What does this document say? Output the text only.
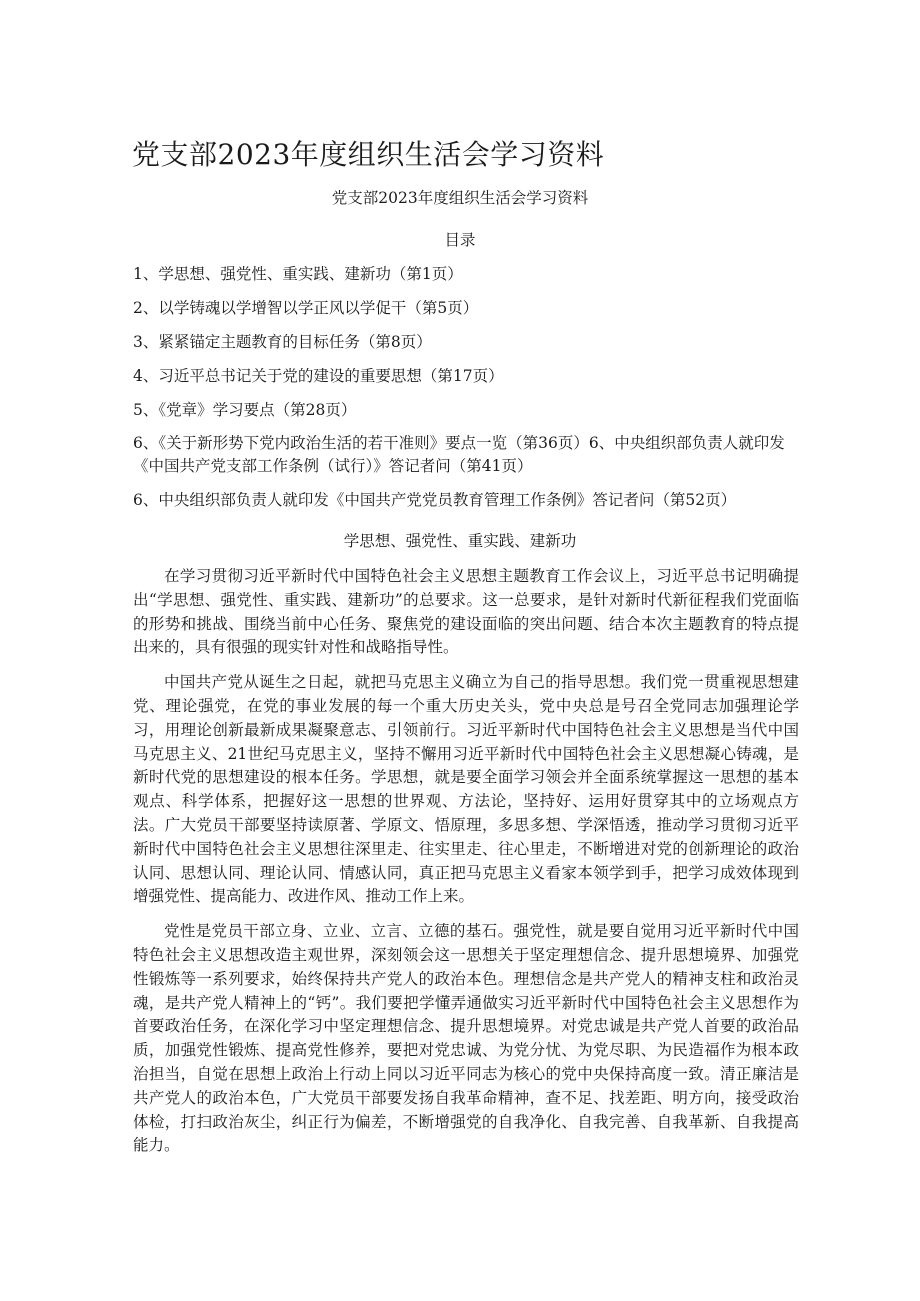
党支部2023年度组织生活会学习资料
党支部2023年度组织生活会学习资料
目录
1、学思想、强党性、重实践、建新功（第1页）
2、以学铸魂以学增智以学正风以学促干（第5页）
3、紧紧锚定主题教育的目标任务（第8页）
4、习近平总书记关于党的建设的重要思想（第17页）
5、《党章》学习要点（第28页）
6、《关于新形势下党内政治生活的若干准则》要点一览（第36页）6、中央组织部负责人就印发《中国共产党支部工作条例（试行）》答记者问（第41页）
6、中央组织部负责人就印发《中国共产党党员教育管理工作条例》答记者问（第52页）
学思想、强党性、重实践、建新功

在学习贯彻习近平新时代中国特色社会主义思想主题教育工作会议上，习近平总书记明确提出“学思想、强党性、重实践、建新功”的总要求。这一总要求，是针对新时代新征程我们党面临的形势和挑战、围绕当前中心任务、聚焦党的建设面临的突出问题、结合本次主题教育的特点提出来的，具有很强的现实针对性和战略指导性。

中国共产党从诞生之日起，就把马克思主义确立为自己的指导思想。我们党一贯重视思想建党、理论强党，在党的事业发展的每一个重大历史关头，党中央总是号召全党同志加强理论学习，用理论创新最新成果凝聚意志、引领前行。习近平新时代中国特色社会主义思想是当代中国马克思主义、21世纪马克思主义，坚持不懈用习近平新时代中国特色社会主义思想凝心铸魂，是新时代党的思想建设的根本任务。学思想，就是要全面学习领会并全面系统掌握这一思想的基本观点、科学体系，把握好这一思想的世界观、方法论，坚持好、运用好贯穿其中的立场观点方法。广大党员干部要坚持读原著、学原文、悟原理，多思多想、学深悟透，推动学习贯彻习近平新时代中国特色社会主义思想往深里走、往实里走、往心里走，不断增进对党的创新理论的政治认同、思想认同、理论认同、情感认同，真正把马克思主义看家本领学到手，把学习成效体现到增强党性、提高能力、改进作风、推动工作上来。

党性是党员干部立身、立业、立言、立德的基石。强党性，就是要自觉用习近平新时代中国特色社会主义思想改造主观世界，深刻领会这一思想关于坚定理想信念、提升思想境界、加强党性锻炼等一系列要求，始终保持共产党人的政治本色。理想信念是共产党人的精神支柱和政治灵魂，是共产党人精神上的“钙”。我们要把学懂弄通做实习近平新时代中国特色社会主义思想作为首要政治任务，在深化学习中坚定理想信念、提升思想境界。对党忠诚是共产党人首要的政治品质，加强党性锻炼、提高党性修养，要把对党忠诚、为党分忧、为党尽职、为民造福作为根本政治担当，自觉在思想上政治上行动上同以习近平同志为核心的党中央保持高度一致。清正廉洁是共产党人的政治本色，广大党员干部要发扬自我革命精神，查不足、找差距、明方向，接受政治体检，打扫政治灰尘，纠正行为偏差，不断增强党的自我净化、自我完善、自我革新、自我提高能力。
